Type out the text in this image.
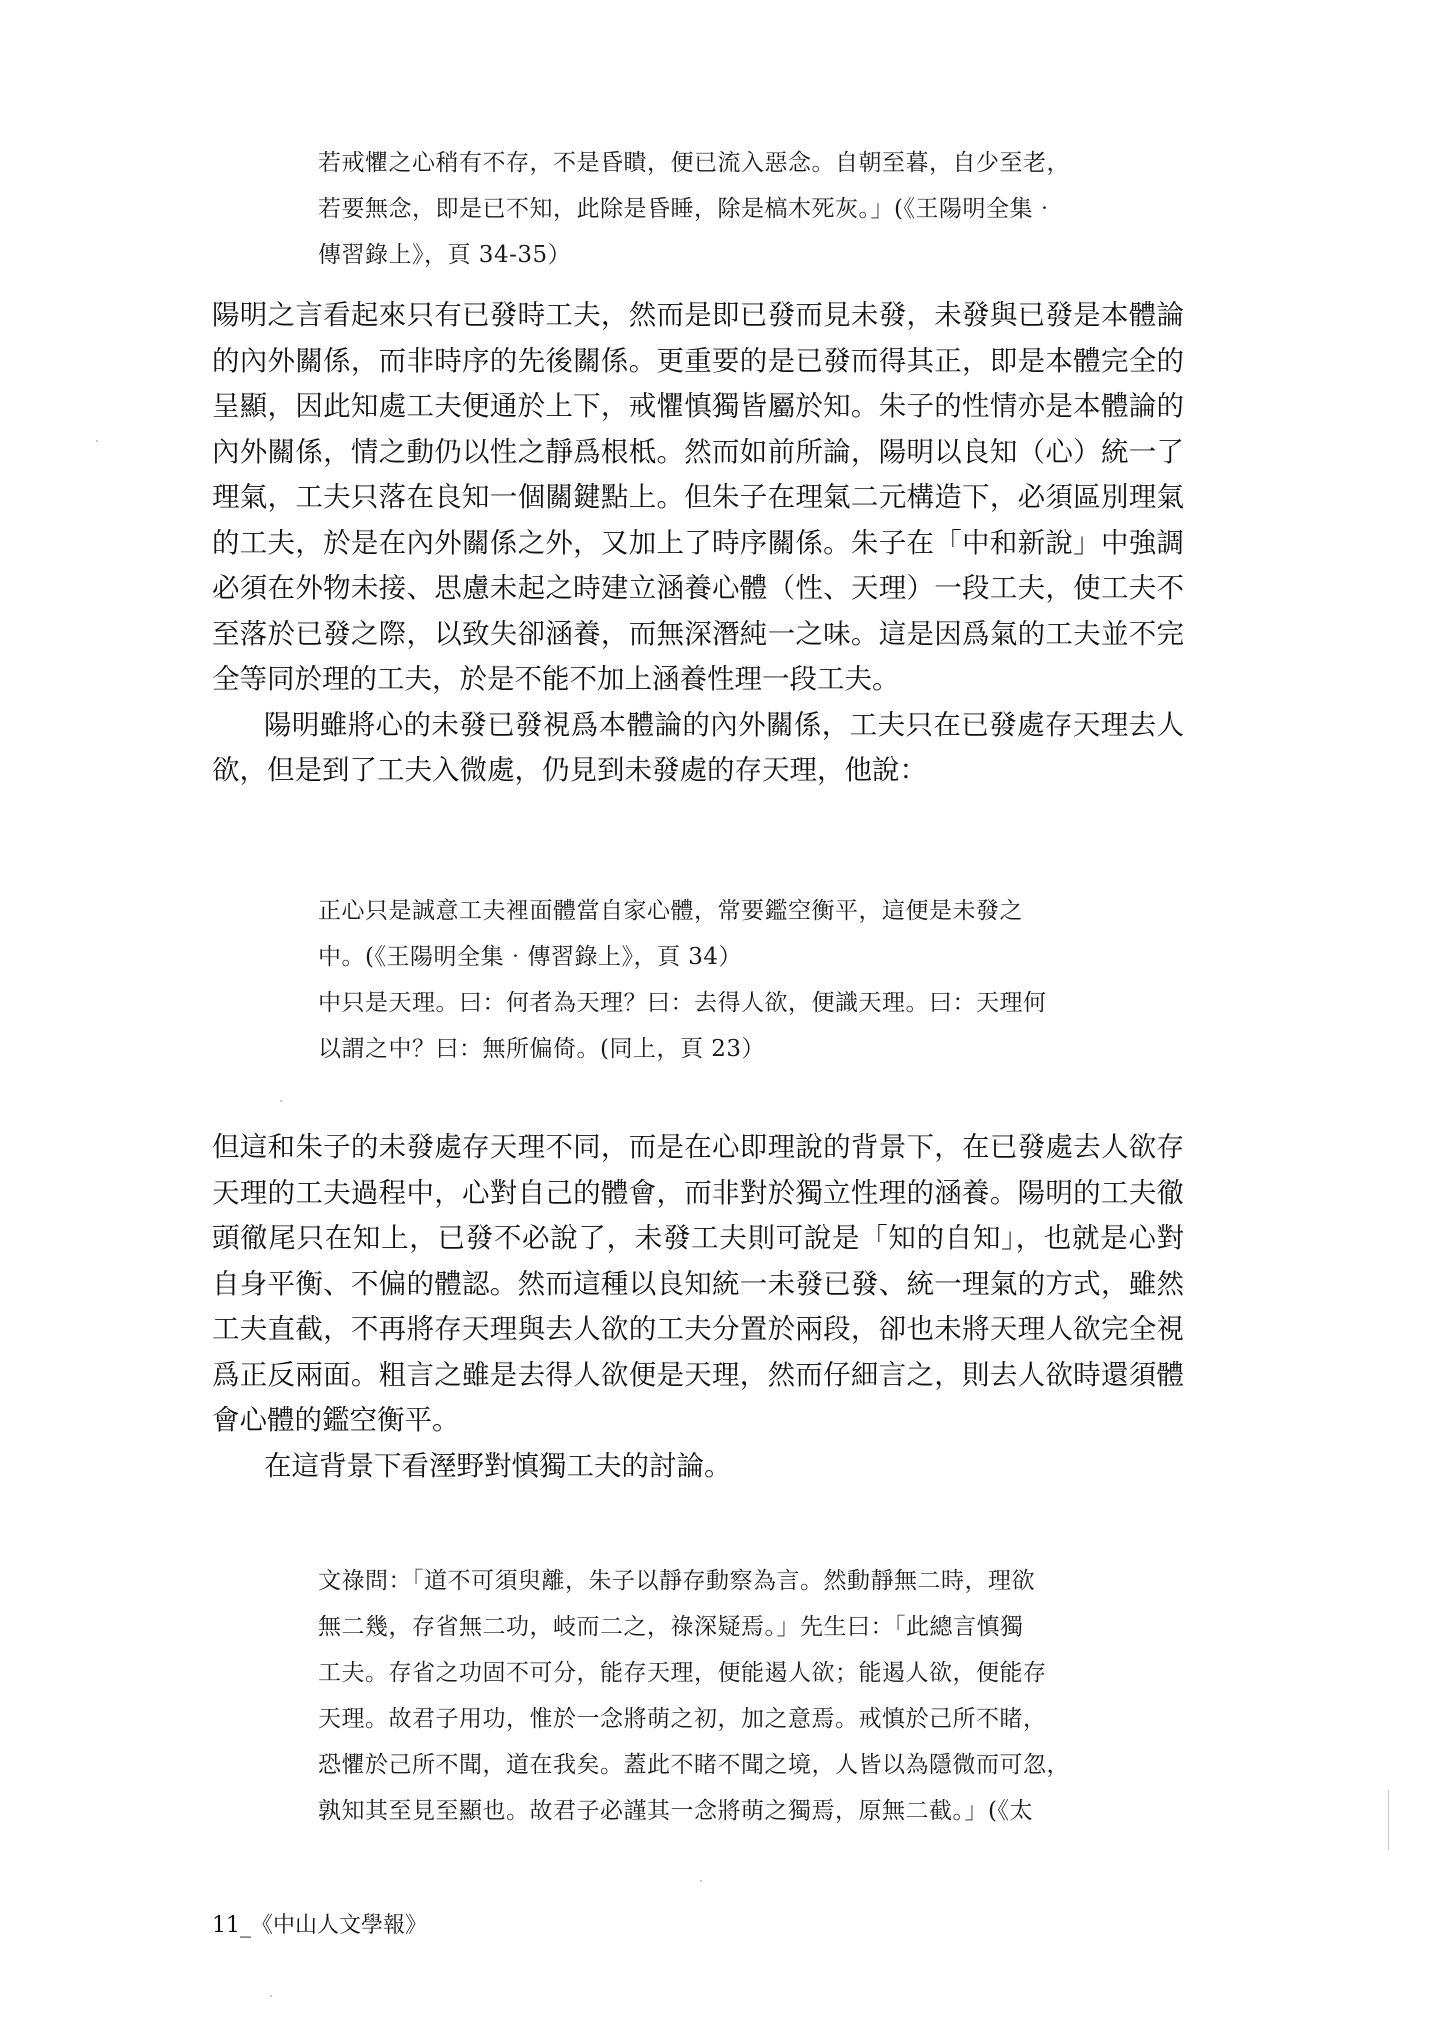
若戒懼之心稍有不存，不是昏瞶，便已流入惡念。自朝至暮，自少至老，

若要無念，即是已不知，此除是昏睡，除是槁木死灰。」(《王陽明全集‧

傳習錄上》，頁 34-35）

陽明之言看起來只有已發時工夫，然而是即已發而見未發，未發與已發是本體論的內外關係，而非時序的先後關係。更重要的是已發而得其正，即是本體完全的呈顯，因此知處工夫便通於上下，戒懼慎獨皆屬於知。朱子的性情亦是本體論的內外關係，情之動仍以性之靜爲根柢。然而如前所論，陽明以良知（心）統一了理氣，工夫只落在良知一個關鍵點上。但朱子在理氣二元構造下，必須區別理氣的工夫，於是在內外關係之外，又加上了時序關係。朱子在「中和新說」中強調必須在外物未接、思慮未起之時建立涵養心體（性、天理）一段工夫，使工夫不至落於已發之際，以致失卻涵養，而無深潛純一之味。這是因爲氣的工夫並不完全等同於理的工夫，於是不能不加上涵養性理一段工夫。

陽明雖將心的未發已發視爲本體論的內外關係，工夫只在已發處存天理去人欲，但是到了工夫入微處，仍見到未發處的存天理，他說：

正心只是誠意工夫裡面體當自家心體，常要鑑空衡平，這便是未發之

中。(《王陽明全集‧傳習錄上》，頁 34）

中只是天理。曰：何者為天理？曰：去得人欲，便識天理。曰：天理何

以謂之中？曰：無所偏倚。(同上，頁 23）

但這和朱子的未發處存天理不同，而是在心即理說的背景下，在已發處去人欲存天理的工夫過程中，心對自己的體會，而非對於獨立性理的涵養。陽明的工夫徹頭徹尾只在知上，已發不必說了，未發工夫則可說是「知的自知」，也就是心對自身平衡、不偏的體認。然而這種以良知統一未發已發、統一理氣的方式，雖然工夫直截，不再將存天理與去人欲的工夫分置於兩段，卻也未將天理人欲完全視爲正反兩面。粗言之雖是去得人欲便是天理，然而仔細言之，則去人欲時還須體會心體的鑑空衡平。

在這背景下看溼野對慎獨工夫的討論。

文祿問：「道不可須臾離，朱子以靜存動察為言。然動靜無二時，理欲

無二幾，存省無二功，岐而二之，祿深疑焉。」先生曰：「此總言慎獨

工夫。存省之功固不可分，能存天理，便能遏人欲；能遏人欲，便能存

天理。故君子用功，惟於一念將萌之初，加之意焉。戒慎於己所不睹，

恐懼於己所不聞，道在我矣。蓋此不睹不聞之境，人皆以為隱微而可忽，

孰知其至見至顯也。故君子必謹其一念將萌之獨焉，原無二截。」(《太

11_《中山人文學報》
